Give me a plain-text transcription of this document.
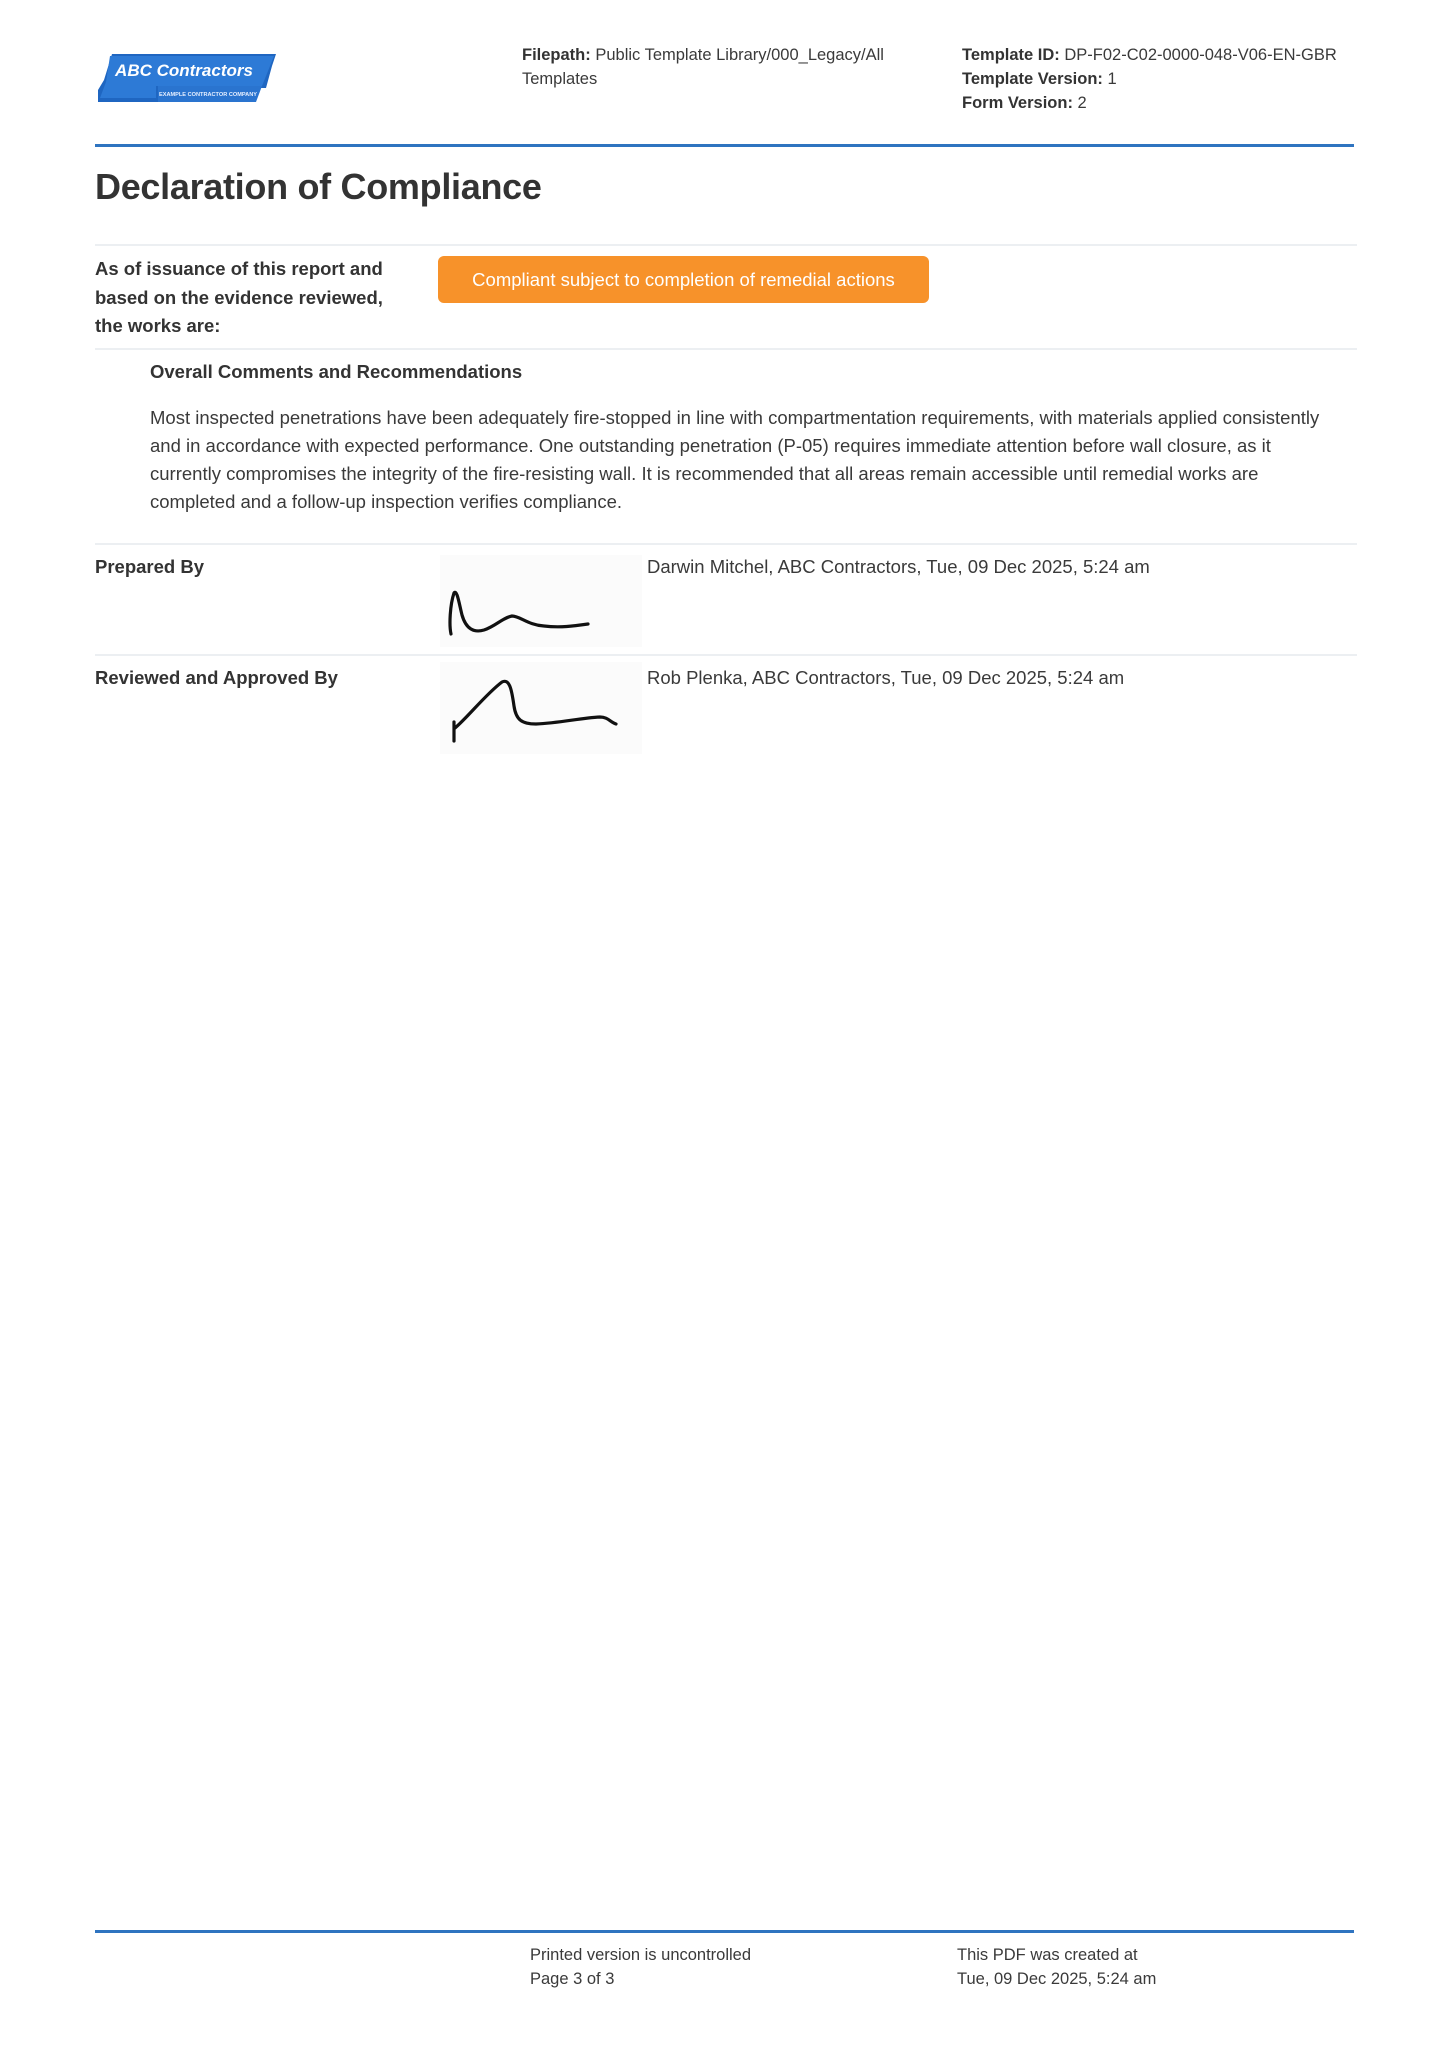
ABC Contractors
EXAMPLE CONTRACTOR COMPANY
Filepath: Public Template Library/000_Legacy/All Templates
Template ID: DP-F02-C02-0000-048-V06-EN-GBR
Template Version: 1
Form Version: 2
Declaration of Compliance
As of issuance of this report and based on the evidence reviewed, the works are:
Compliant subject to completion of remedial actions
Overall Comments and Recommendations
Most inspected penetrations have been adequately fire-stopped in line with compartmentation requirements, with materials applied consistently and in accordance with expected performance. One outstanding penetration (P-05) requires immediate attention before wall closure, as it currently compromises the integrity of the fire-resisting wall. It is recommended that all areas remain accessible until remedial works are completed and a follow-up inspection verifies compliance.
Prepared By	Darwin Mitchel, ABC Contractors, Tue, 09 Dec 2025, 5:24 am
Reviewed and Approved By	Rob Plenka, ABC Contractors, Tue, 09 Dec 2025, 5:24 am
Printed version is uncontrolled
Page 3 of 3
This PDF was created at
Tue, 09 Dec 2025, 5:24 am
